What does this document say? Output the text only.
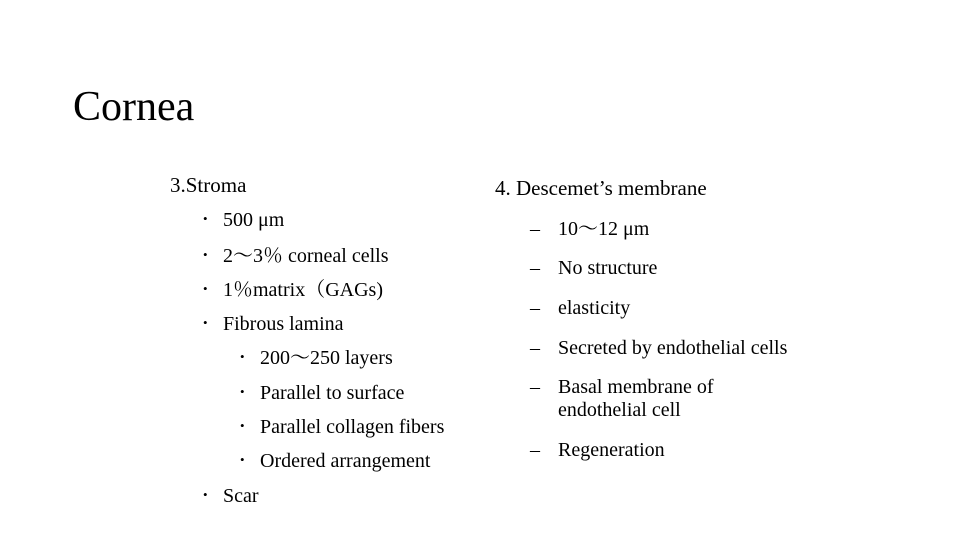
Cornea
3.Stroma
• 500 μm
• 2～3％ corneal cells
• 1％matrix（GAGs)
• Fibrous lamina
• 200～250 layers
• Parallel to surface
• Parallel collagen fibers
• Ordered arrangement
• Scar
4. Descemet’s membrane
– 10～12 μm
– No structure
– elasticity
– Secreted by endothelial cells
– Basal membrane of
endothelial cell
– Regeneration
